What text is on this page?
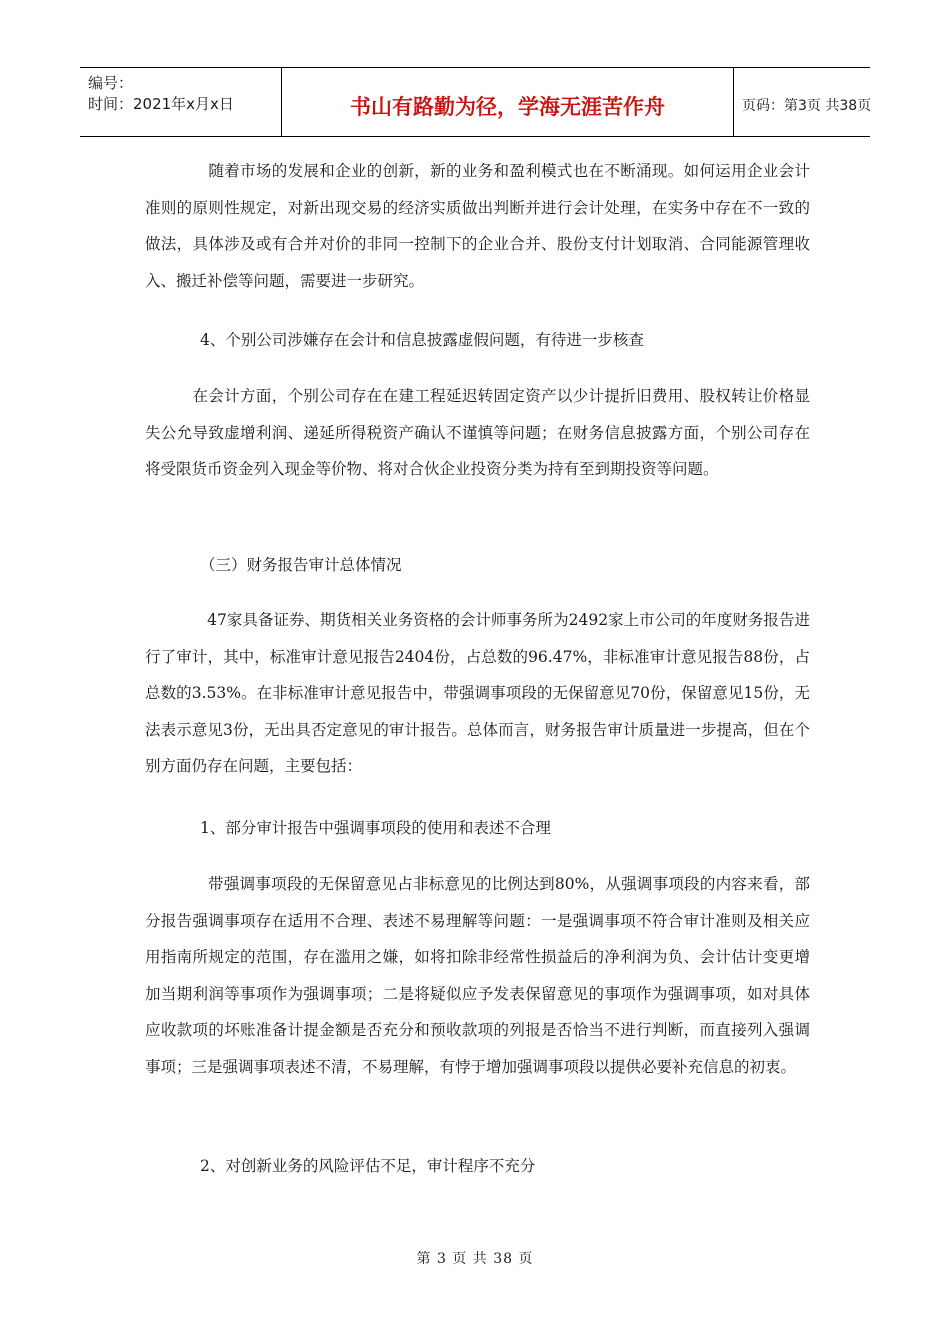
编号：
时间：2021年x月x日	书山有路勤为径，学海无涯苦作舟	页码：第3页 共38页

　　　　随着市场的发展和企业的创新，新的业务和盈利模式也在不断涌现。如何运用企业会计准则的原则性规定，对新出现交易的经济实质做出判断并进行会计处理，在实务中存在不一致的做法，具体涉及或有合并对价的非同一控制下的企业合并、股份支付计划取消、合同能源管理收入、搬迁补偿等问题，需要进一步研究。

4、个别公司涉嫌存在会计和信息披露虚假问题，有待进一步核查

　　　在会计方面，个别公司存在在建工程延迟转固定资产以少计提折旧费用、股权转让价格显失公允导致虚增利润、递延所得税资产确认不谨慎等问题；在财务信息披露方面，个别公司存在将受限货币资金列入现金等价物、将对合伙企业投资分类为持有至到期投资等问题。

（三）财务报告审计总体情况

　　　　47家具备证券、期货相关业务资格的会计师事务所为2492家上市公司的年度财务报告进行了审计，其中，标准审计意见报告2404份，占总数的96.47%，非标准审计意见报告88份，占总数的3.53%。在非标准审计意见报告中，带强调事项段的无保留意见70份，保留意见15份，无法表示意见3份，无出具否定意见的审计报告。总体而言，财务报告审计质量进一步提高，但在个别方面仍存在问题，主要包括：

1、部分审计报告中强调事项段的使用和表述不合理

　　　　带强调事项段的无保留意见占非标意见的比例达到80%，从强调事项段的内容来看，部分报告强调事项存在适用不合理、表述不易理解等问题：一是强调事项不符合审计准则及相关应用指南所规定的范围，存在滥用之嫌，如将扣除非经常性损益后的净利润为负、会计估计变更增加当期利润等事项作为强调事项；二是将疑似应予发表保留意见的事项作为强调事项，如对具体应收款项的坏账准备计提金额是否充分和预收款项的列报是否恰当不进行判断，而直接列入强调事项；三是强调事项表述不清，不易理解，有悖于增加强调事项段以提供必要补充信息的初衷。

2、对创新业务的风险评估不足，审计程序不充分

第 3 页 共 38 页
